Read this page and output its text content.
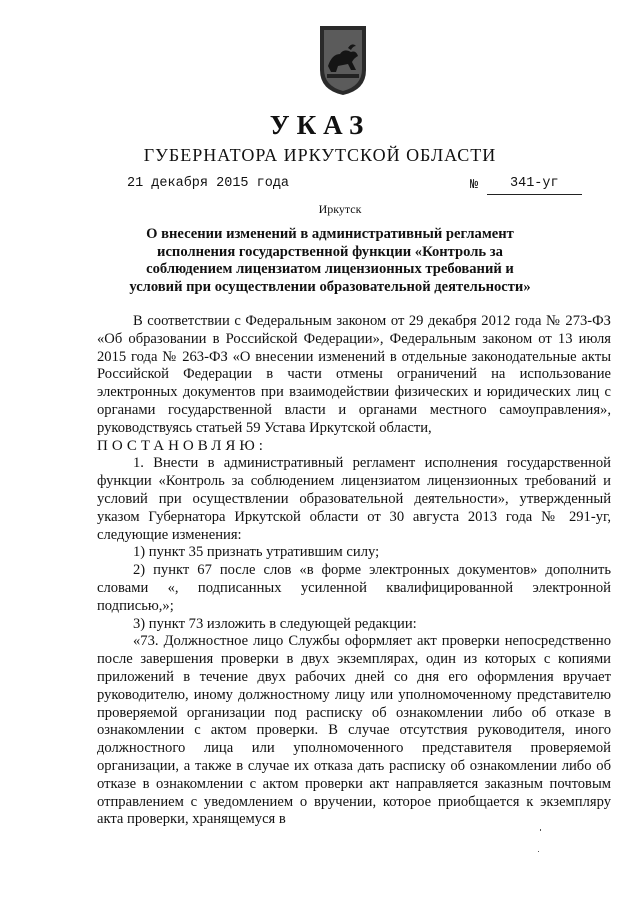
УКАЗ
ГУБЕРНАТОРА ИРКУТСКОЙ ОБЛАСТИ
21 декабря 2015 года	№ 341-уг
Иркутск
О внесении изменений в административный регламент исполнения государственной функции «Контроль за соблюдением лицензиатом лицензионных требований и условий при осуществлении образовательной деятельности»

В соответствии с Федеральным законом от 29 декабря 2012 года № 273-ФЗ «Об образовании в Российской Федерации», Федеральным законом от 13 июля 2015 года № 263-ФЗ «О внесении изменений в отдельные законодательные акты Российской Федерации в части отмены ограничений на использование электронных документов при взаимодействии физических и юридических лиц с органами государственной власти и органами местного самоуправления», руководствуясь статьей 59 Устава Иркутской области,

ПОСТАНОВЛЯЮ:

1. Внести в административный регламент исполнения государственной функции «Контроль за соблюдением лицензиатом лицензионных требований и условий при осуществлении образовательной деятельности», утвержденный указом Губернатора Иркутской области от 30 августа 2013 года № 291-уг, следующие изменения:

1) пункт 35 признать утратившим силу;

2) пункт 67 после слов «в форме электронных документов» дополнить словами «, подписанных усиленной квалифицированной электронной подписью,»;

3) пункт 73 изложить в следующей редакции:

«73. Должностное лицо Службы оформляет акт проверки непосредственно после завершения проверки в двух экземплярах, один из которых с копиями приложений в течение двух рабочих дней со дня его оформления вручает руководителю, иному должностному лицу или уполномоченному представителю проверяемой организации под расписку об ознакомлении либо об отказе в ознакомлении с актом проверки. В случае отсутствия руководителя, иного должностного лица или уполномоченного представителя проверяемой организации, а также в случае их отказа дать расписку об ознакомлении либо об отказе в ознакомлении с актом проверки акт направляется заказным почтовым отправлением с уведомлением о вручении, которое приобщается к экземпляру акта проверки, хранящемуся в
